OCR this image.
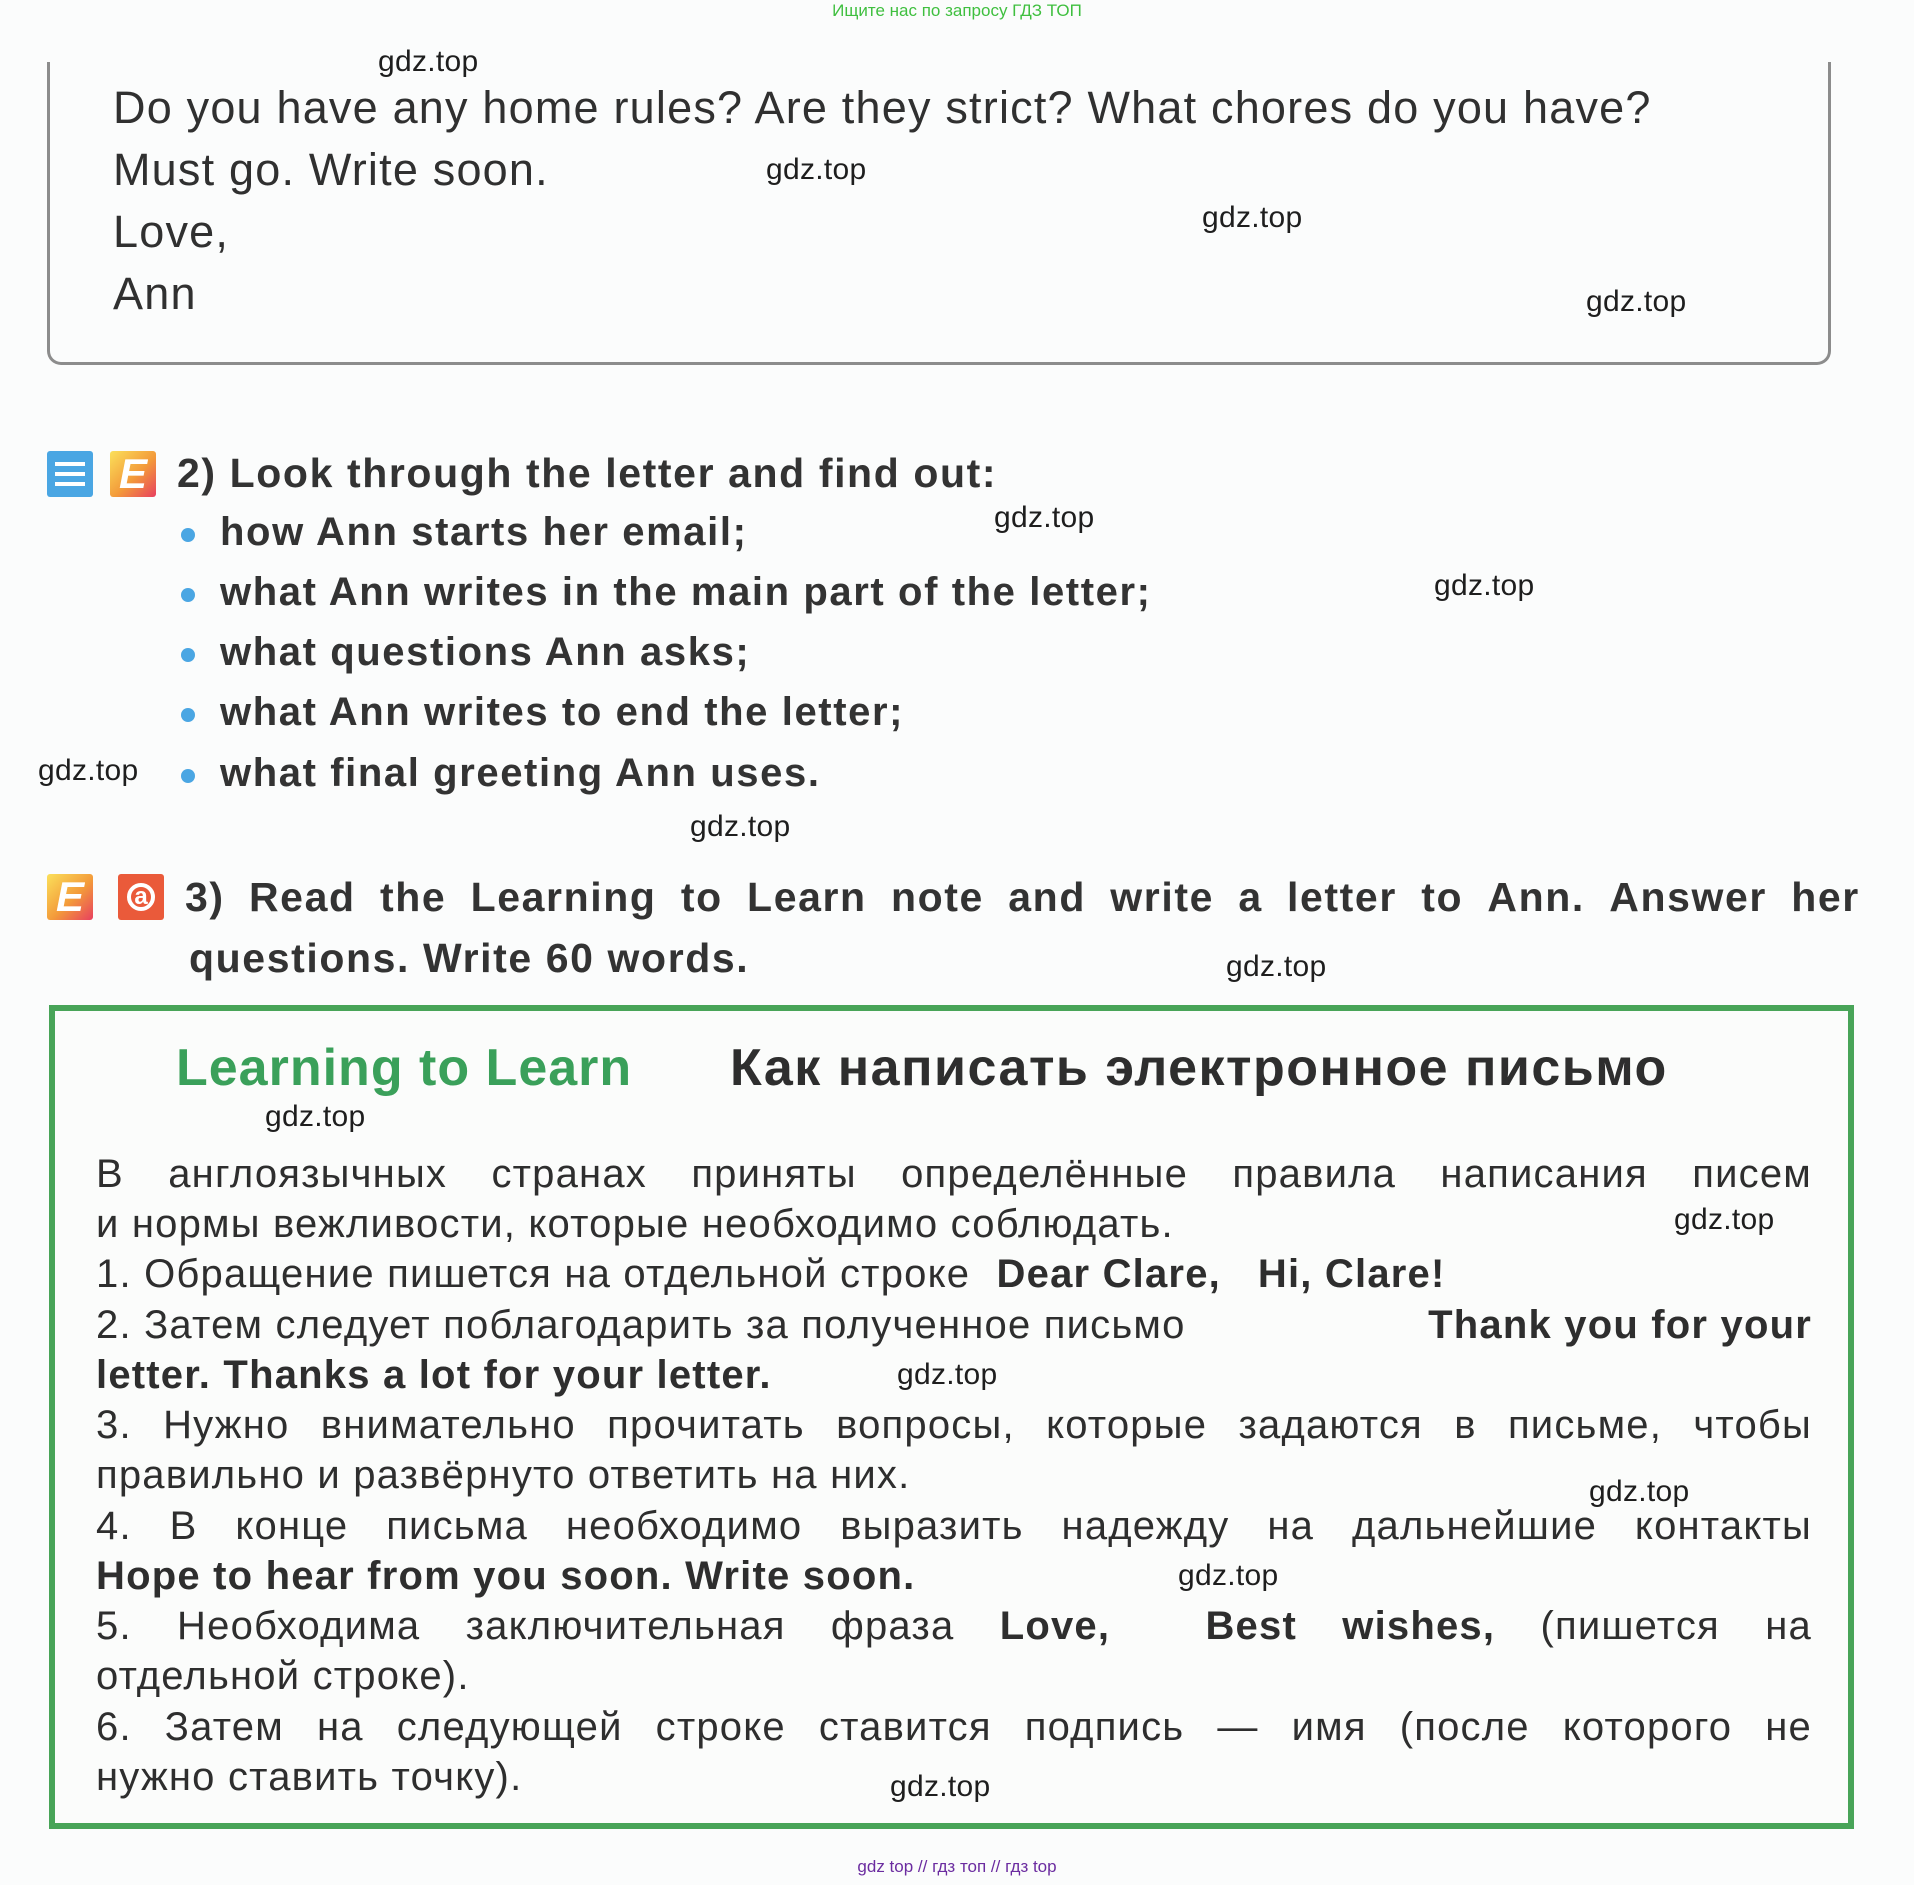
Ищите нас по запросу ГДЗ ТОП
Do you have any home rules? Are they strict? What chores do you have?
Must go. Write soon.
Love,
Ann
E 2) Look through the letter and find out:
how Ann starts her email;
what Ann writes in the main part of the letter;
what questions Ann asks;
what Ann writes to end the letter;
what final greeting Ann uses.
E	a 3) Read the Learning to Learn note and write a letter to Ann. Answer her
questions. Write 60 words.
Learning to Learn Как написать электронное письмо
В англоязычных странах приняты определённые правила написания писем
и нормы вежливости, которые необходимо соблюдать.
1. Обращение пишется на отдельной строке Dear Clare,   Hi, Clare!
2. Затем следует поблагодарить за полученное письмо	Thank you for your
letter. Thanks a lot for your letter.
3. Нужно внимательно прочитать вопросы, которые задаются в письме, чтобы
правильно и развёрнуто ответить на них.
4. В конце письма необходимо выразить надежду на дальнейшие контакты
Hope to hear from you soon. Write soon.
5. Необходима заключительная фраза Love, Best wishes, (пишется на
отдельной строке).
6. Затем на следующей строке ставится подпись — имя (после которого не
нужно ставить точку).
gdz.top
gdz.top
gdz.top
gdz.top
gdz.top
gdz.top
gdz.top
gdz.top
gdz.top
gdz.top
gdz.top
gdz.top
gdz.top
gdz.top
gdz.top
gdz top // гдз топ // гдз top
